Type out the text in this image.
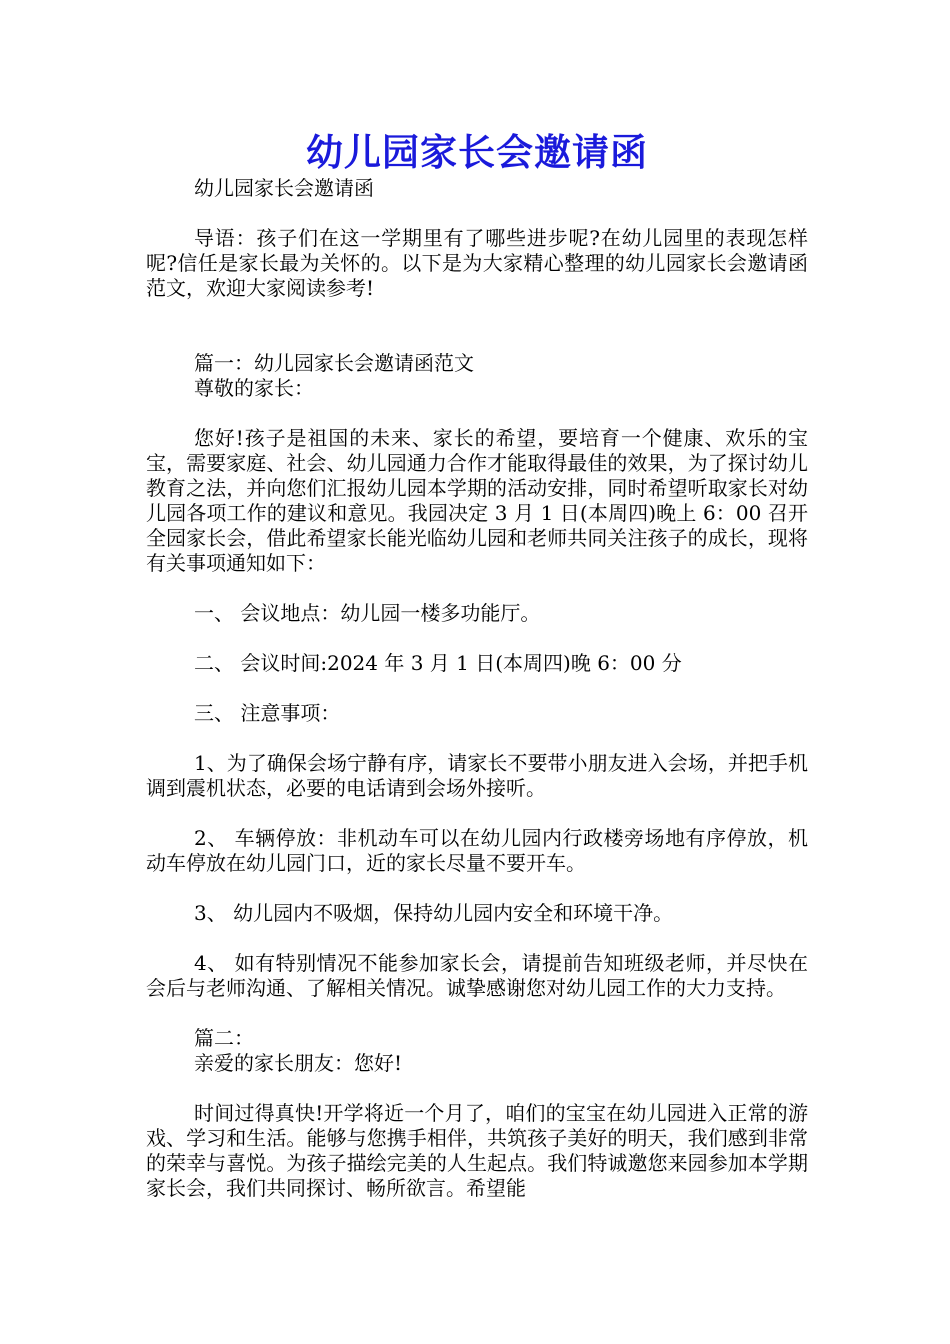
幼儿园家长会邀请函

幼儿园家长会邀请函

导语：孩子们在这一学期里有了哪些进步呢?在幼儿园里的表现怎样呢?信任是家长最为关怀的。以下是为大家精心整理的幼儿园家长会邀请函范文，欢迎大家阅读参考!

篇一：幼儿园家长会邀请函范文

尊敬的家长：

您好!孩子是祖国的未来、家长的希望，要培育一个健康、欢乐的宝宝，需要家庭、社会、幼儿园通力合作才能取得最佳的效果，为了探讨幼儿教育之法，并向您们汇报幼儿园本学期的活动安排，同时希望听取家长对幼儿园各项工作的建议和意见。我园决定 3 月 1 日(本周四)晚上 6：00 召开全园家长会，借此希望家长能光临幼儿园和老师共同关注孩子的成长，现将有关事项通知如下：

一、 会议地点：幼儿园一楼多功能厅。

二、 会议时间:2024 年 3 月 1 日(本周四)晚 6：00 分

三、 注意事项：

1、为了确保会场宁静有序，请家长不要带小朋友进入会场，并把手机调到震机状态，必要的电话请到会场外接听。

2、 车辆停放：非机动车可以在幼儿园内行政楼旁场地有序停放，机动车停放在幼儿园门口，近的家长尽量不要开车。

3、 幼儿园内不吸烟，保持幼儿园内安全和环境干净。

4、 如有特别情况不能参加家长会，请提前告知班级老师，并尽快在会后与老师沟通、了解相关情况。诚挚感谢您对幼儿园工作的大力支持。

篇二：

亲爱的家长朋友：您好!

时间过得真快!开学将近一个月了，咱们的宝宝在幼儿园进入正常的游戏、学习和生活。能够与您携手相伴，共筑孩子美好的明天，我们感到非常的荣幸与喜悦。为孩子描绘完美的人生起点。我们特诚邀您来园参加本学期家长会，我们共同探讨、畅所欲言。希望能
